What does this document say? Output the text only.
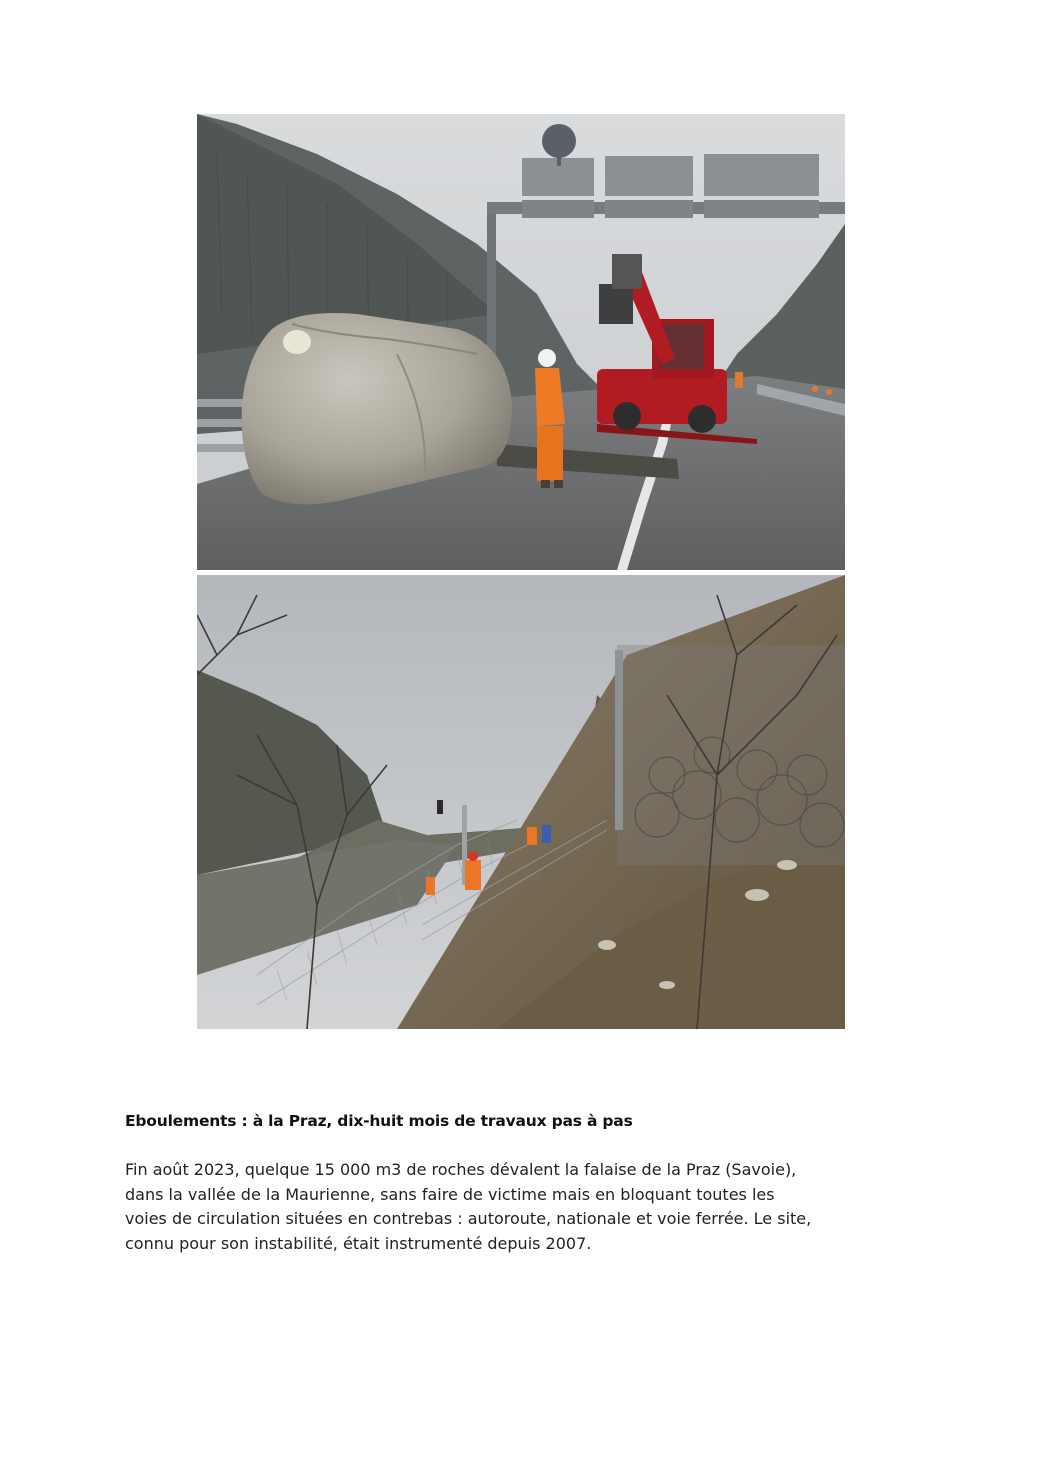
Eboulements : à la Praz, dix-huit mois de travaux pas à pas
Fin août 2023, quelque 15 000 m3 de roches dévalent la falaise de la Praz (Savoie),
dans la vallée de la Maurienne, sans faire de victime mais en bloquant toutes les
voies de circulation situées en contrebas : autoroute, nationale et voie ferrée. Le site,
connu pour son instabilité, était instrumenté depuis 2007.
